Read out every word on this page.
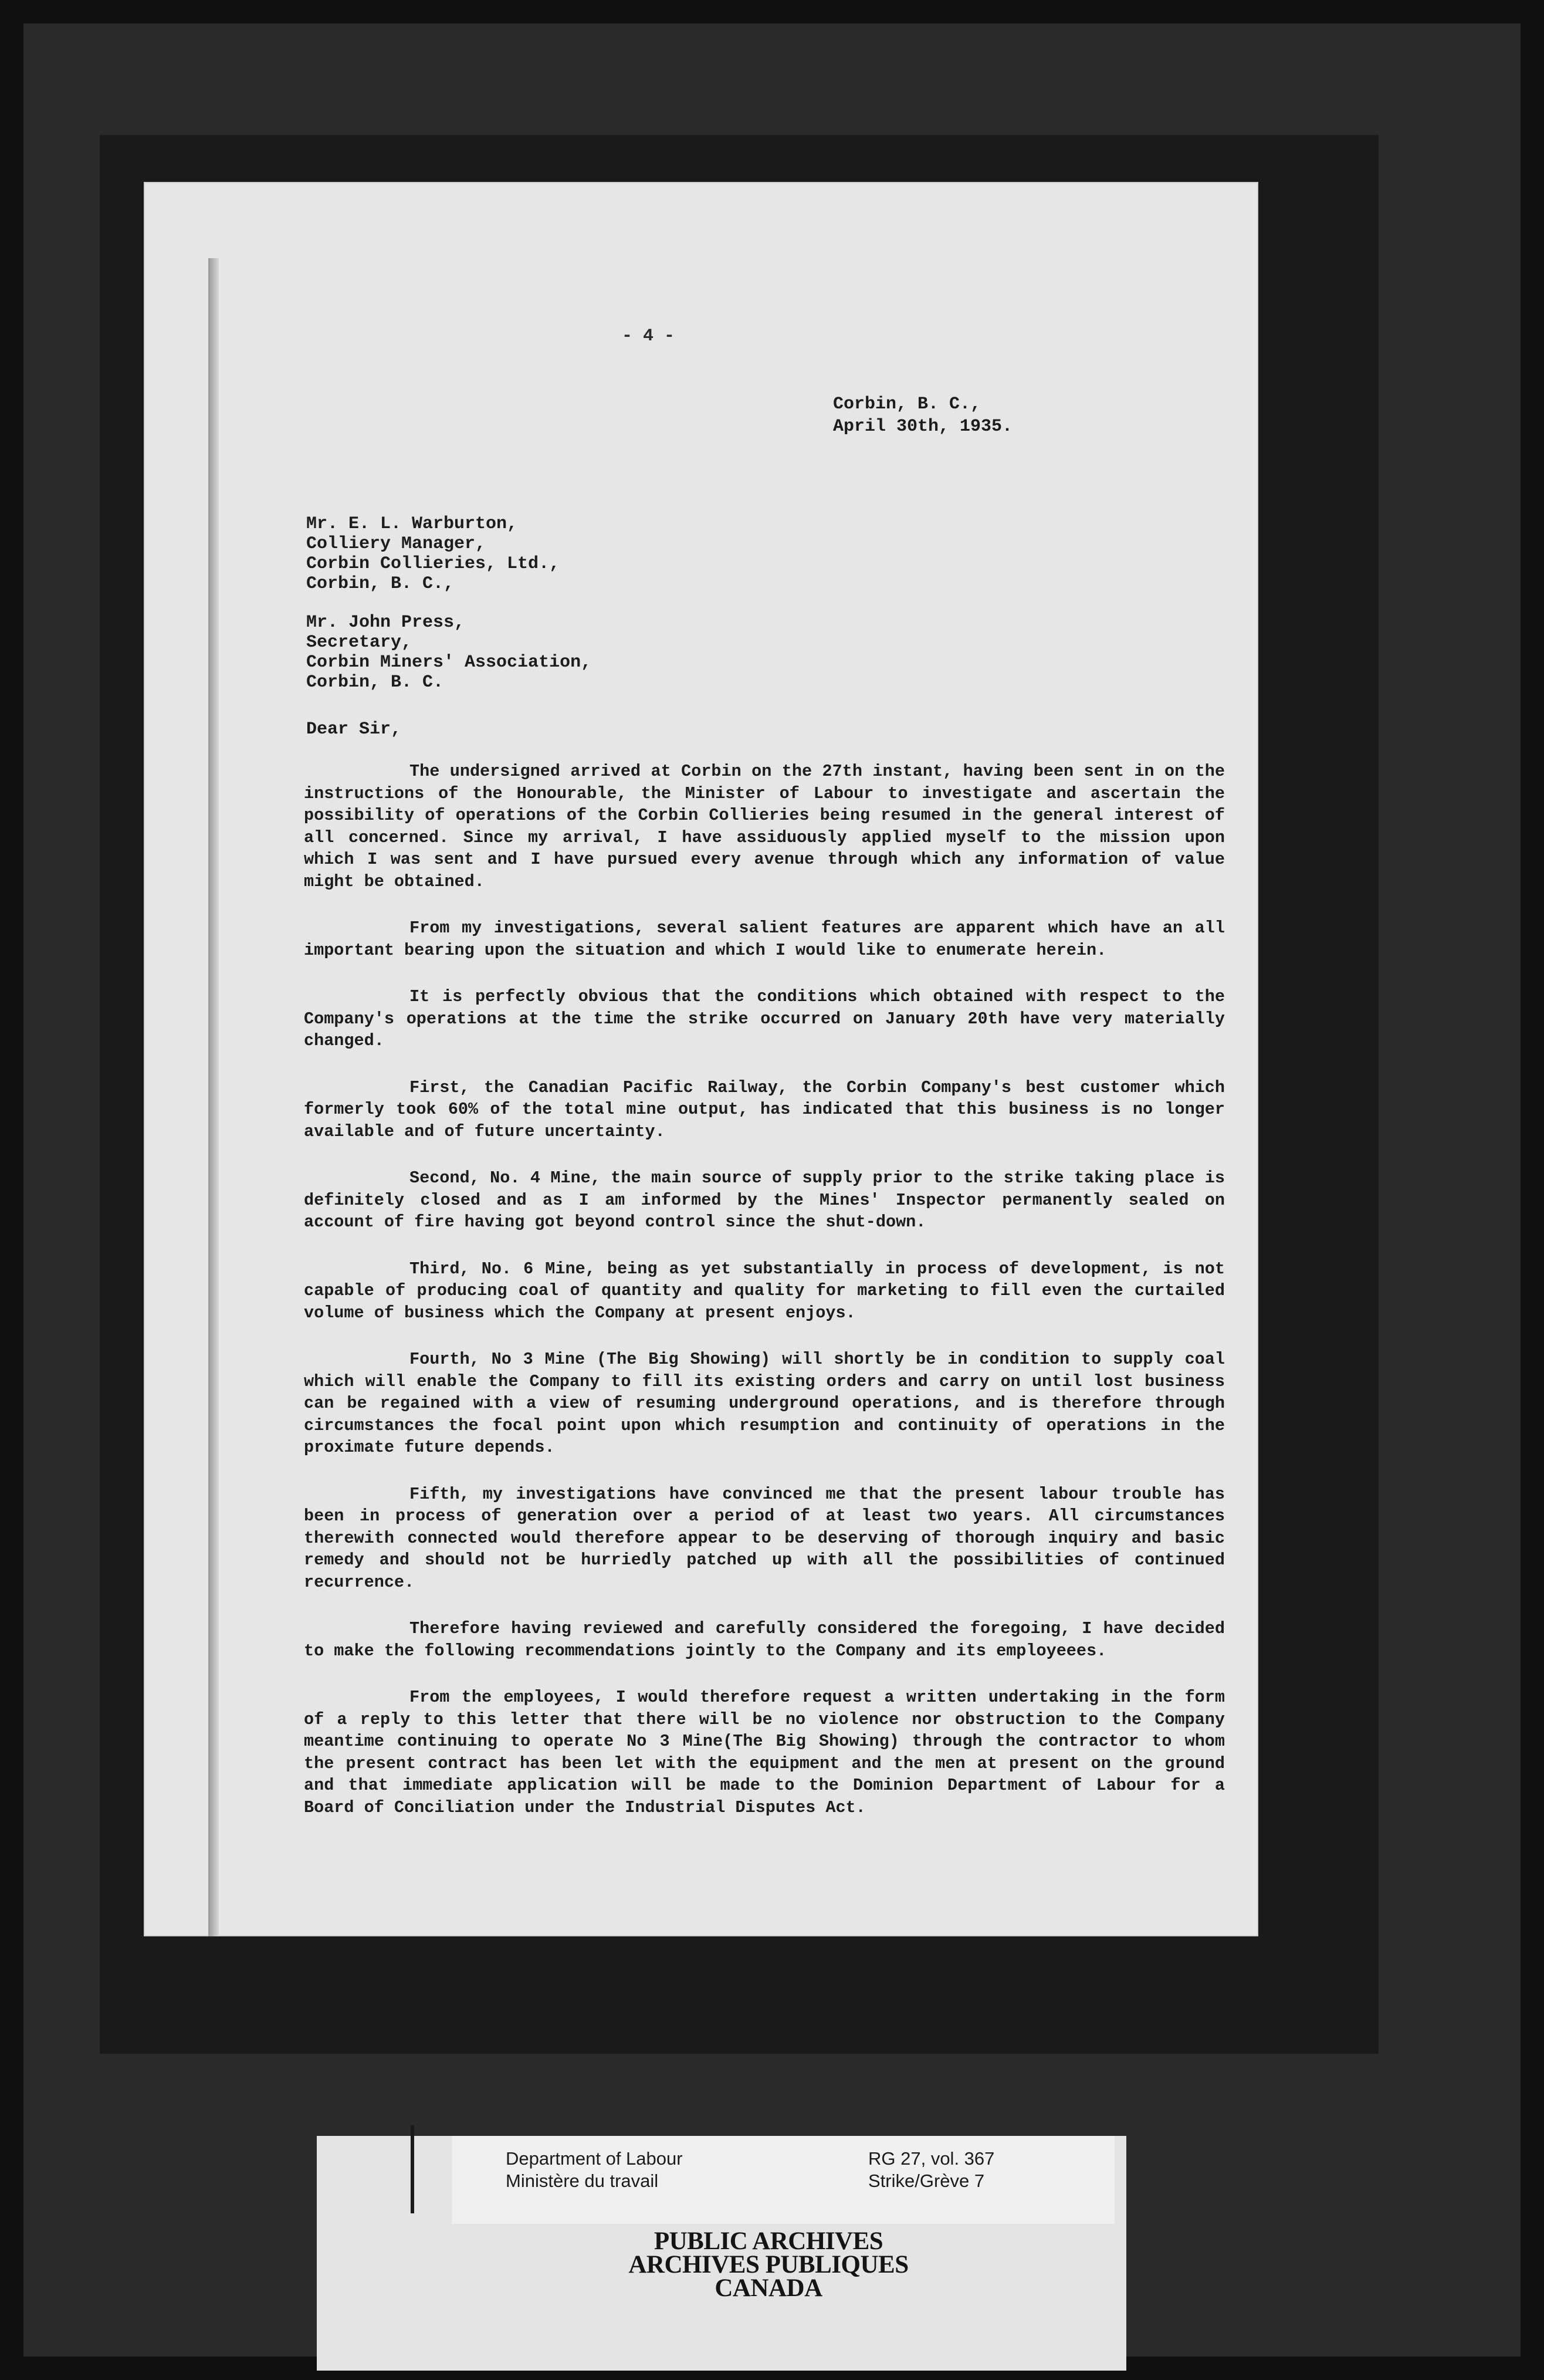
- 4 -
Corbin, B. C.,
April 30th, 1935.
Mr. E. L. Warburton,
Colliery Manager,
Corbin Collieries, Ltd.,
Corbin, B. C.,
Mr. John Press,
Secretary,
Corbin Miners' Association,
Corbin, B. C.
Dear Sir,

The undersigned arrived at Corbin on the 27th instant, having been sent in on the instructions of the Honourable, the Minister of Labour to investigate and ascertain the possibility of operations of the Corbin Collieries being resumed in the general interest of all concerned. Since my arrival, I have assiduously applied myself to the mission upon which I was sent and I have pursued every avenue through which any information of value might be obtained.

From my investigations, several salient features are apparent which have an all important bearing upon the situation and which I would like to enumerate herein.

It is perfectly obvious that the conditions which obtained with respect to the Company's operations at the time the strike occurred on January 20th have very materially changed.

First, the Canadian Pacific Railway, the Corbin Company's best customer which formerly took 60% of the total mine output, has indicated that this business is no longer available and of future uncertainty.

Second, No. 4 Mine, the main source of supply prior to the strike taking place is definitely closed and as I am informed by the Mines' Inspector permanently sealed on account of fire having got beyond control since the shut-down.

Third, No. 6 Mine, being as yet substantially in process of development, is not capable of producing coal of quantity and quality for marketing to fill even the curtailed volume of business which the Company at present enjoys.

Fourth, No 3 Mine (The Big Showing) will shortly be in condition to supply coal which will enable the Company to fill its existing orders and carry on until lost business can be regained with a view of resuming underground operations, and is therefore through circumstances the focal point upon which resumption and continuity of operations in the proximate future depends.

Fifth, my investigations have convinced me that the present labour trouble has been in process of generation over a period of at least two years. All circumstances therewith connected would therefore appear to be deserving of thorough inquiry and basic remedy and should not be hurriedly patched up with all the possibilities of continued recurrence.

Therefore having reviewed and carefully considered the foregoing, I have decided to make the following recommendations jointly to the Company and its employeees.

From the employees, I would therefore request a written undertaking in the form of a reply to this letter that there will be no violence nor obstruction to the Company meantime continuing to operate No 3 Mine(The Big Showing) through the contractor to whom the present contract has been let with the equipment and the men at present on the ground and that immediate application will be made to the Dominion Department of Labour for a Board of Conciliation under the Industrial Disputes Act.

Department of Labour
Ministère du travail
RG 27, vol. 367
Strike/Grève 7
PUBLIC ARCHIVES
ARCHIVES PUBLIQUES
CANADA
